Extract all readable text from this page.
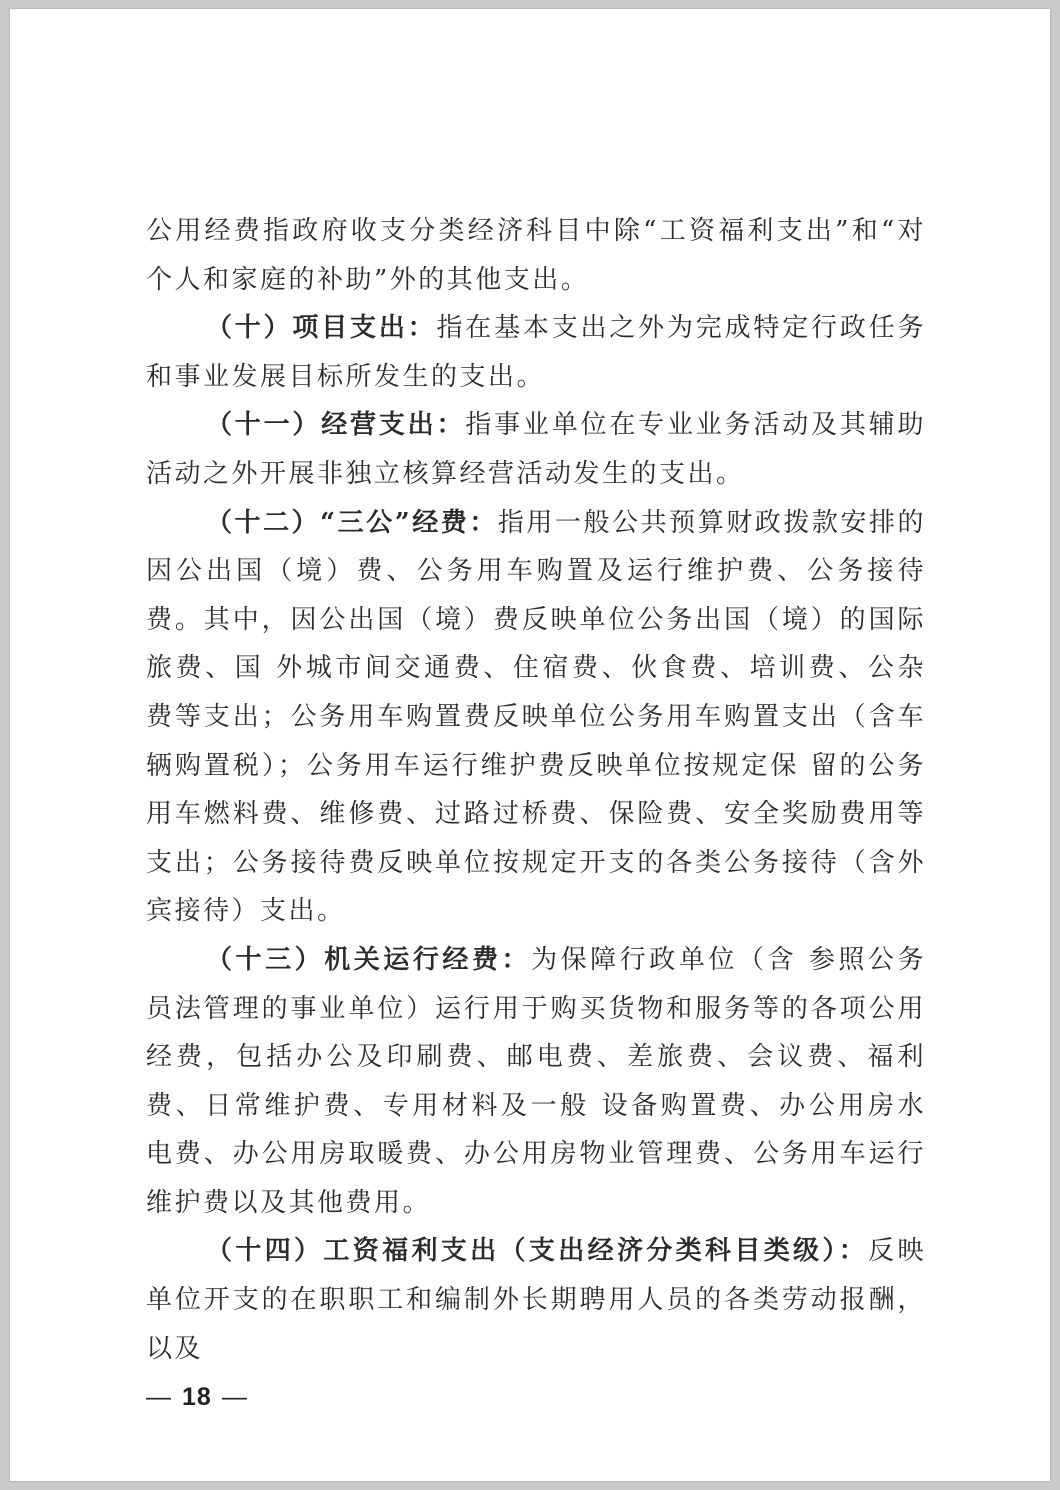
公用经费指政府收支分类经济科目中除“工资福利支出”和“对个人和家庭的补助”外的其他支出。

（十）项目支出：指在基本支出之外为完成特定行政任务和事业发展目标所发生的支出。

（十一）经营支出：指事业单位在专业业务活动及其辅助活动之外开展非独立核算经营活动发生的支出。

（十二）“三公”经费：指用一般公共预算财政拨款安排的因公出国（境）费、公务用车购置及运行维护费、公务接待费。其中，因公出国（境）费反映单位公务出国（境）的国际旅费、国 外城市间交通费、住宿费、伙食费、培训费、公杂费等支出；公务用车购置费反映单位公务用车购置支出（含车辆购置税）；公务用车运行维护费反映单位按规定保 留的公务用车燃料费、维修费、过路过桥费、保险费、安全奖励费用等支出；公务接待费反映单位按规定开支的各类公务接待（含外宾接待）支出。

（十三）机关运行经费：为保障行政单位（含 参照公务员法管理的事业单位）运行用于购买货物和服务等的各项公用经费，包括办公及印刷费、邮电费、差旅费、会议费、福利费、日常维护费、专用材料及一般 设备购置费、办公用房水电费、办公用房取暖费、办公用房物业管理费、公务用车运行维护费以及其他费用。

（十四）工资福利支出（支出经济分类科目类级）：反映单位开支的在职职工和编制外长期聘用人员的各类劳动报酬，以及

— 18 —
